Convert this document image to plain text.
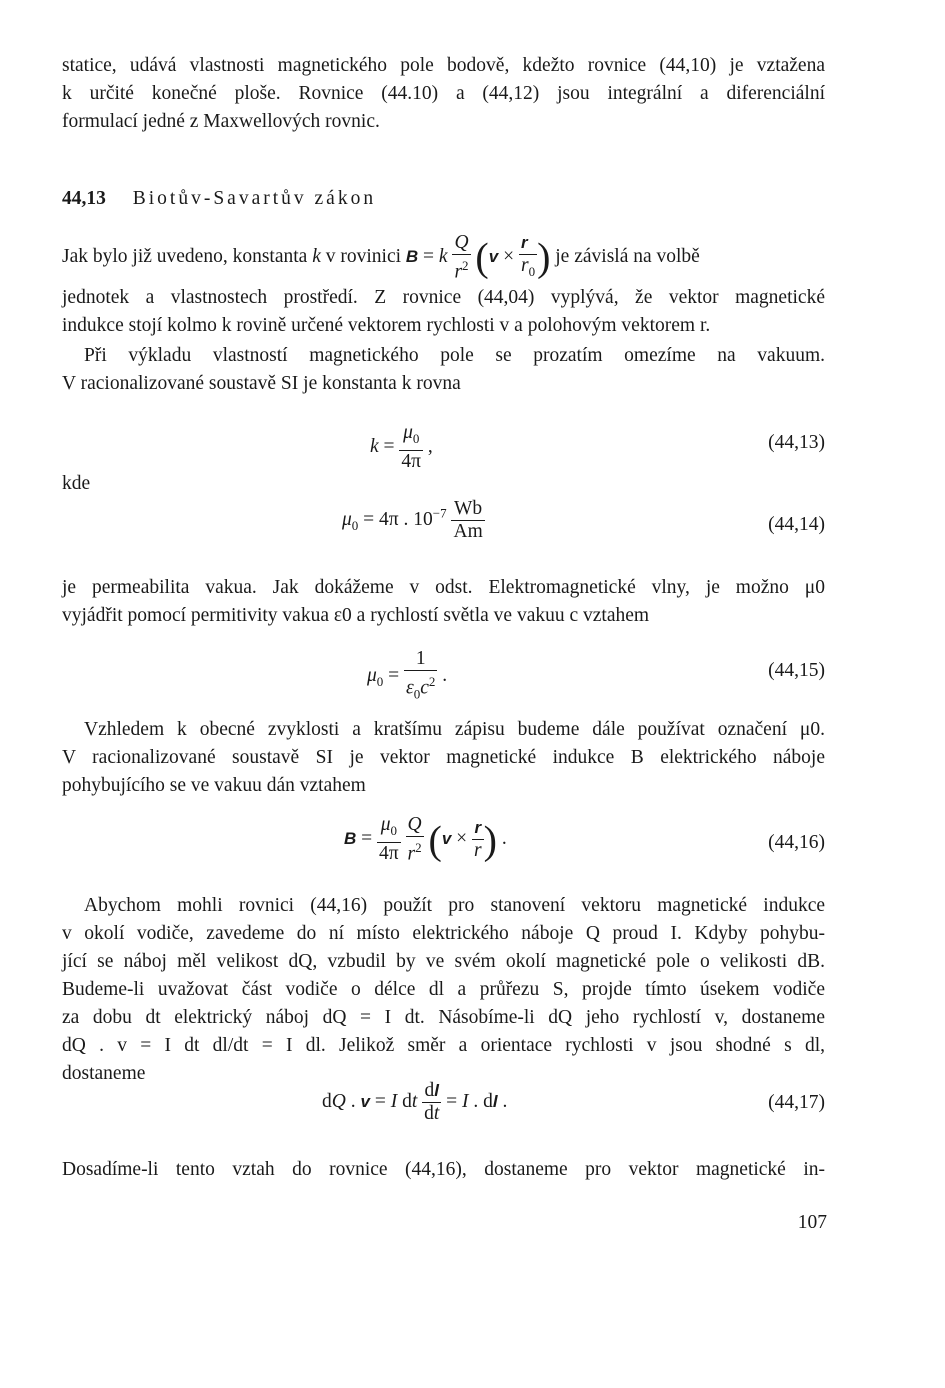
statice, udává vlastnosti magnetického pole bodově, kdežto rovnice (44,10) je vztažena
k určité konečné ploše. Rovnice (44.10) a (44,12) jsou integrální a diferenciální
formulací jedné z Maxwellových rovnic.

44,13 Biotův-Savartův zákon
Jak bylo již uvedeno, konstanta k v rovinici B = k $\frac{Q}{r^2} (v \times \frac{r}{r_0}$ ) je závislá na volbě
jednotek a vlastnostech prostředí. Z rovnice (44,04) vyplývá, že vektor magnetické
indukce stojí kolmo k rovině určené vektorem rychlosti v a polohovým vektorem r.
Při výkladu vlastností magnetického pole se prozatím omezíme na vakuum.
V racionalizované soustavě SI je konstanta k rovna
$k = \frac{\mu_0}{4\pi}$ ,	(44,13)
kde
$\mu_0 = 4\pi$ . $10^{-7} \frac{Wb}{Am}$	(44,14)
je permeabilita vakua. Jak dokážeme v odst. Elektromagnetické vlny, je možno μ0
vyjádřit pomocí permitivity vakua ε0 a rychlostí světla ve vakuu c vztahem
$\mu_0 = \frac{1}{\varepsilon_0c^2}$ .	(44,15)
Vzhledem k obecné zvyklosti a kratšímu zápisu budeme dále používat označení μ0.
V racionalizované soustavě SI je vektor magnetické indukce B elektrického náboje
pohybujícího se ve vakuu dán vztahem
$B = \frac{\mu_0}{4\pi}$
$\frac{Q}{r^2} (v \times \frac{r}{r}$ ) .	(44,16)
Abychom mohli rovnici (44,16) použít pro stanovení vektoru magnetické indukce
v okolí vodiče, zavedeme do ní místo elektrického náboje Q proud I. Kdyby pohybu-
jící se náboj měl velikost dQ, vzbudil by ve svém okolí magnetické pole o velikosti dB.
Budeme-li uvažovat část vodiče o délce dl a průřezu S, projde tímto úsekem vodiče
za dobu dt elektrický náboj dQ = I dt. Násobíme-li dQ jeho rychlostí v, dostaneme
dQ . v = I dt dl/dt = I dl. Jelikož směr a orientace rychlosti v jsou shodné s dl,
dostaneme
dQ . v = I dt $\frac{dl}{dt} = I$ . dl .	(44,17)
Dosadíme-li tento vztah do rovnice (44,16), dostaneme pro vektor magnetické in-
107
